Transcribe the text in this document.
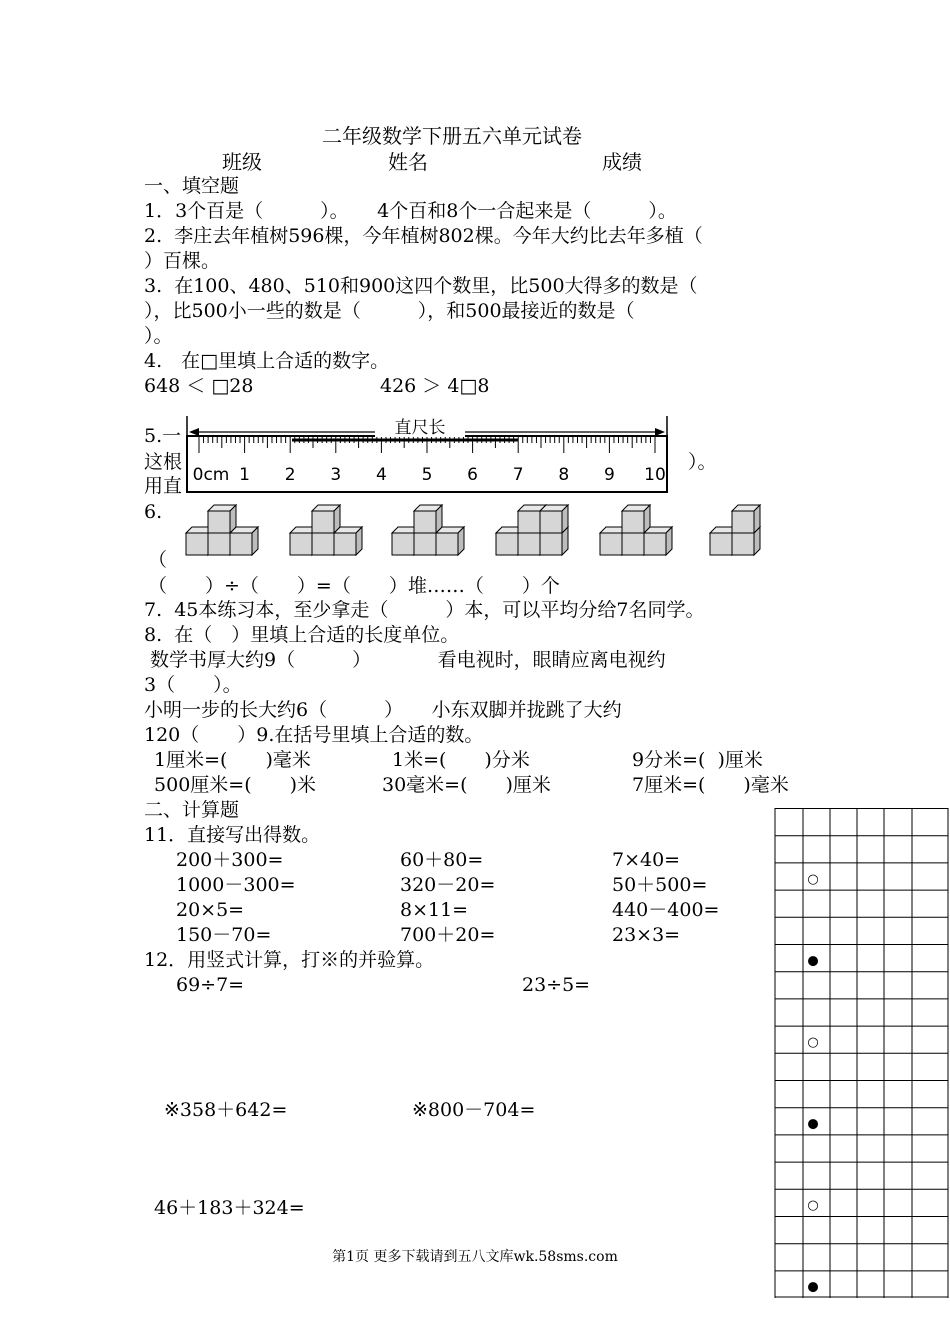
二年级数学下册五六单元试卷
班级	姓名	成绩
一、填空题
1．3个百是（　　　）。　　4个百和8个一合起来是（　　　）。
2.  李庄去年植树596棵，今年植树802棵。今年大约比去年多植（
）百棵。
3.  在100、480、510和900这四个数里，比500大得多的数是（
），比500小一些的数是（　　　），和500最接近的数是（
）。
4.　在□里填上合适的数字。
648 ＜ □28	426 ＞ 4□8
5.一
这根	）。
用直
直尺长
0cm 1 2 3 4 5 6 7 8 9 10
6.
（
（　　）÷（　　）=（　　）堆……（　　）个
7.  45本练习本，至少拿走（　　　）本，可以平均分给7名同学。
8.  在（　）里填上合适的长度单位。
数学书厚大约9（　　　）　　　　看电视时，眼睛应离电视约
3（　　）。
小明一步的长大约6（　　　）　　小东双脚并拢跳了大约
120（　　）9.在括号里填上合适的数。
1厘米=(　　)毫米	1米=(　　)分米	9分米=(  )厘米
500厘米=(　　)米	30毫米=(　　)厘米	7厘米=(　　)毫米
二、计算题
11．直接写出得数。
200＋300=	60＋80=	7×40=
1000－300=	320－20=	50＋500=
20×5=	8×11=	440－400=
150－70=	700＋20=	23×3=
12．用竖式计算，打※的并验算。
69÷7=	23÷5=
※358＋642=	※800－704=
46＋183＋324=
○
●
○
●
○
●
第1页 更多下载请到五八文库wk.58sms.com
